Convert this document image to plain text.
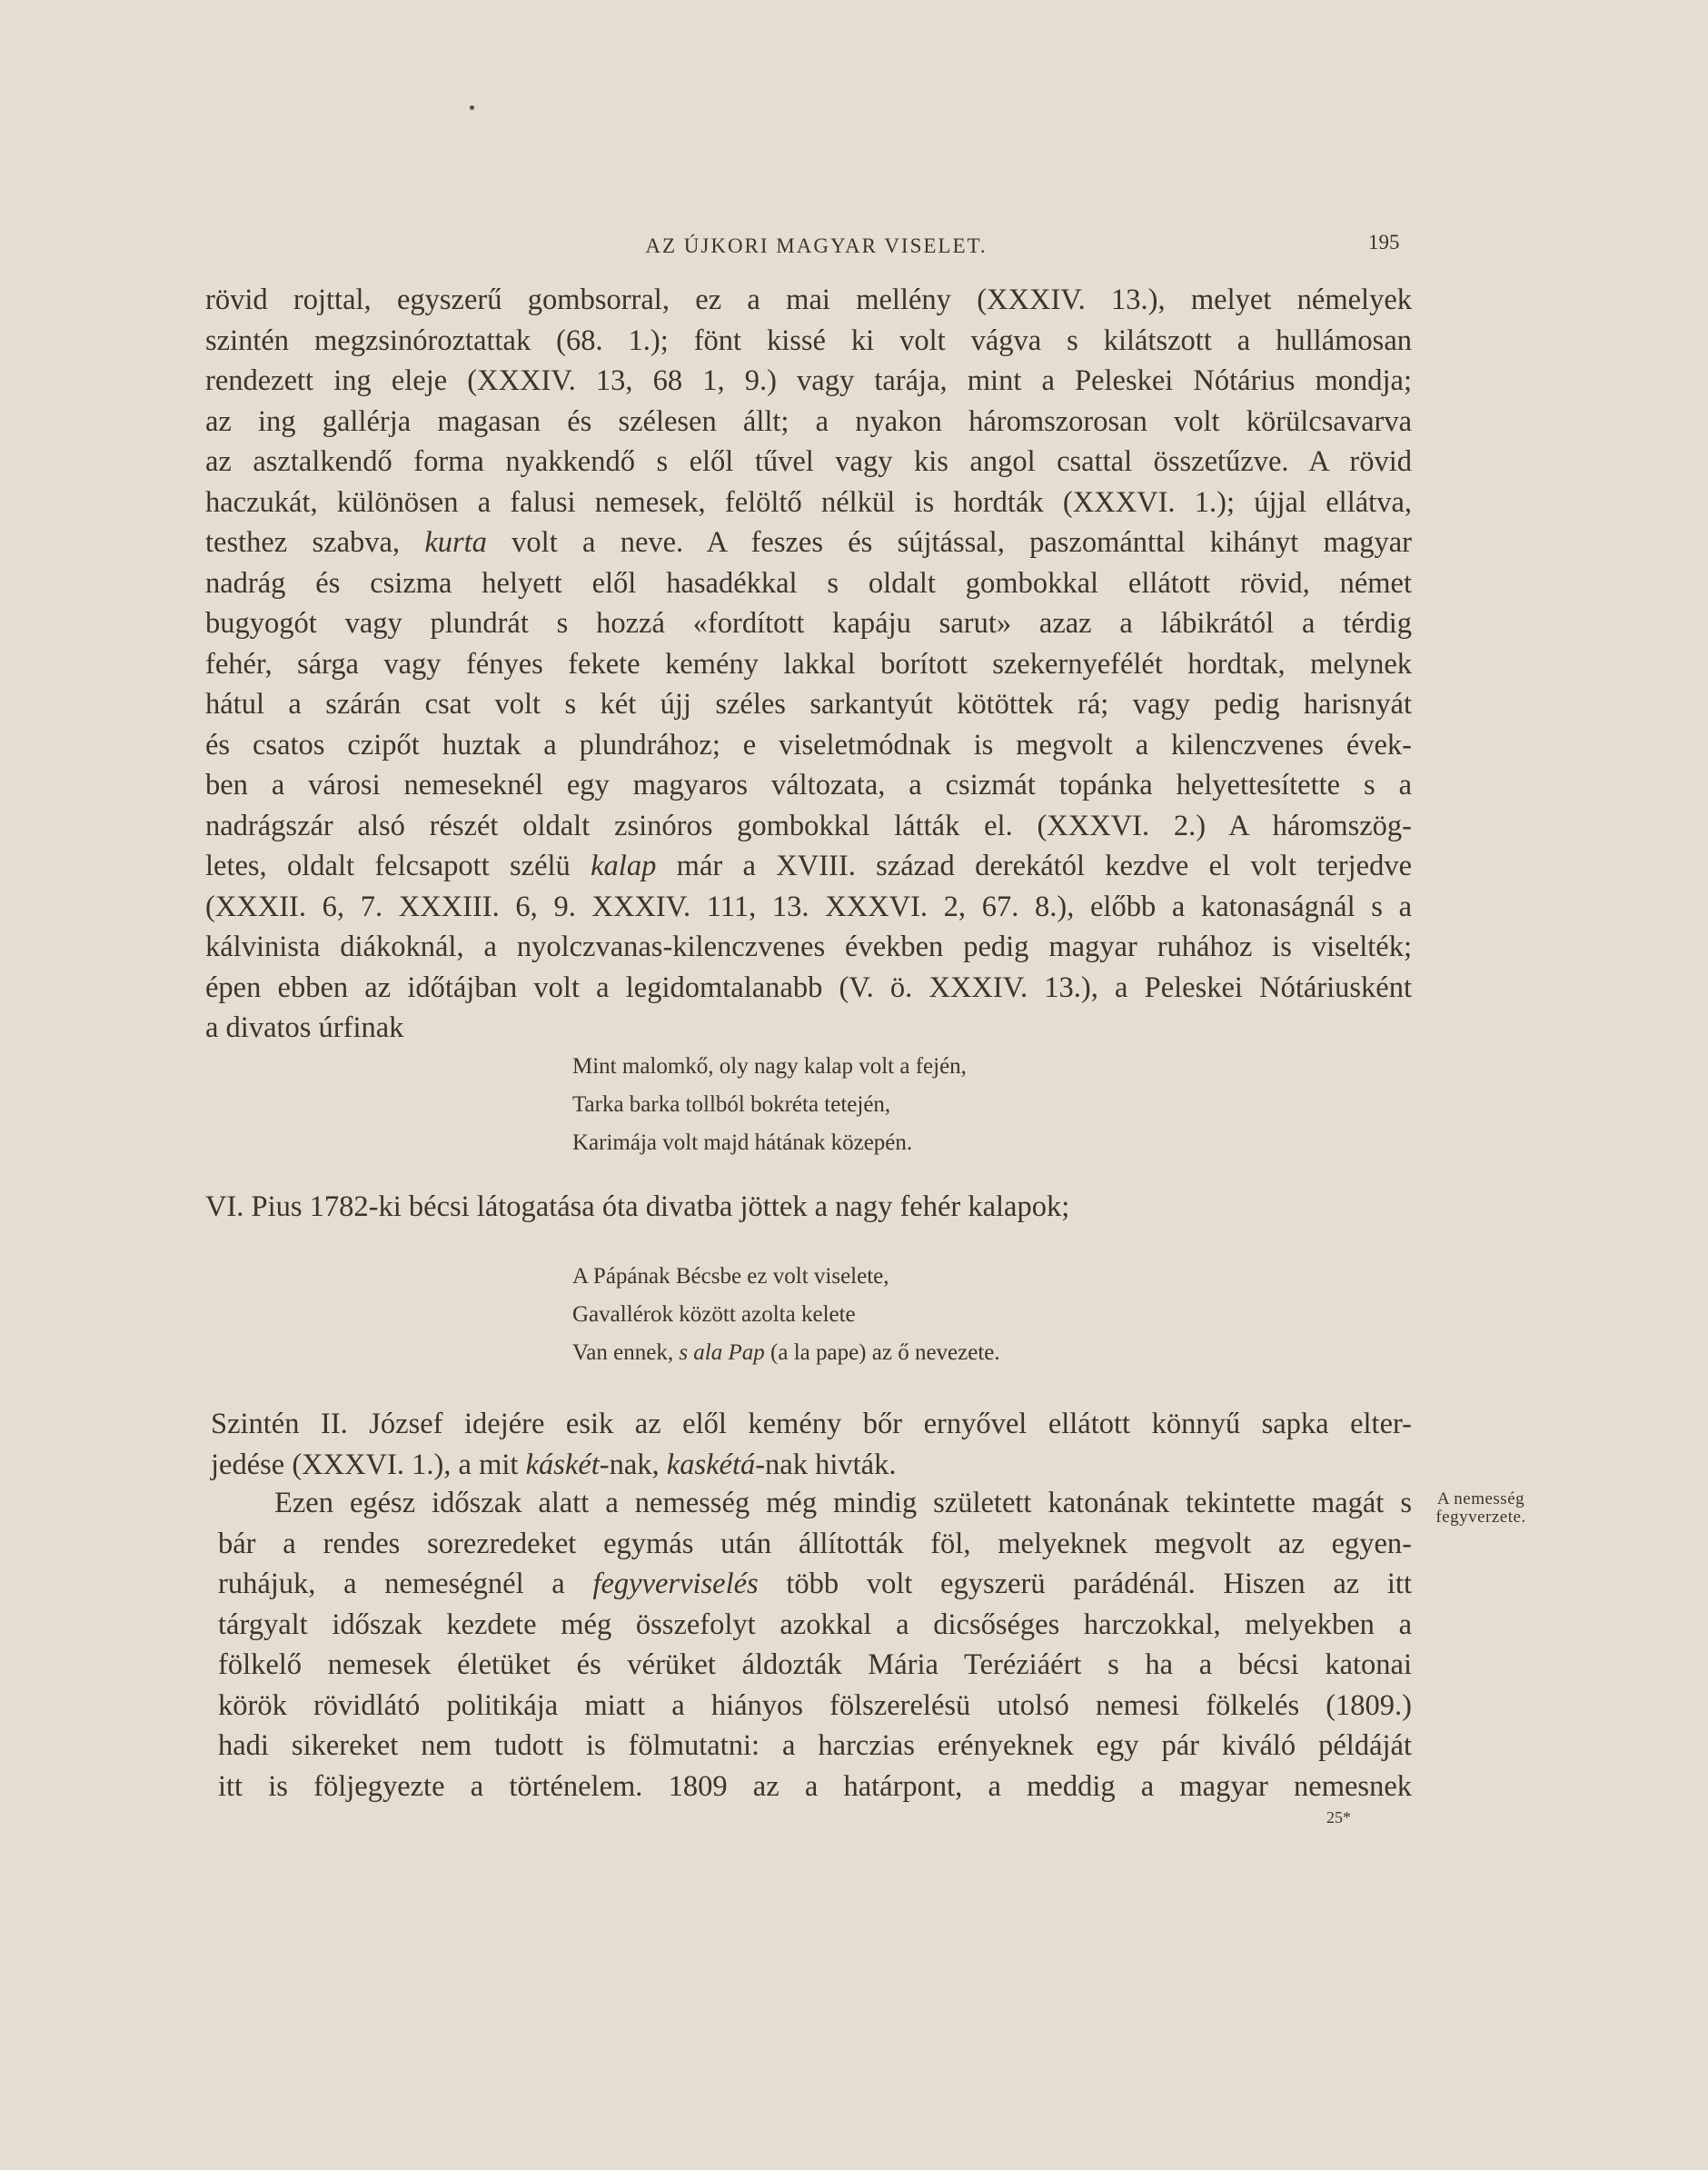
AZ ÚJKORI MAGYAR VISELET.	195
rövid rojttal, egyszerű gombsorral, ez a mai mellény (XXXIV. 13.), melyet némelyek
szintén megzsinóroztattak (68. 1.); fönt kissé ki volt vágva s kilátszott a hullámosan
rendezett ing eleje (XXXIV. 13, 68 1, 9.) vagy tarája, mint a Peleskei Nótárius mondja;
az ing gallérja magasan és szélesen állt; a nyakon háromszorosan volt körülcsavarva
az asztalkendő forma nyakkendő s elől tűvel vagy kis angol csattal összetűzve. A rövid
haczukát, különösen a falusi nemesek, felöltő nélkül is hordták (XXXVI. 1.); újjal ellátva,
testhez szabva, kurta volt a neve. A feszes és sújtással, paszománttal kihányt magyar
nadrág és csizma helyett elől hasadékkal s oldalt gombokkal ellátott rövid, német
bugyogót vagy plundrát s hozzá «fordított kapáju sarut» azaz a lábikrától a térdig
fehér, sárga vagy fényes fekete kemény lakkal borított szekernyefélét hordtak, melynek
hátul a szárán csat volt s két újj széles sarkantyút kötöttek rá; vagy pedig harisnyát
és csatos czipőt huztak a plundrához; e viseletmódnak is megvolt a kilenczvenes évek-
ben a városi nemeseknél egy magyaros változata, a csizmát topánka helyettesítette s a
nadrágszár alsó részét oldalt zsinóros gombokkal látták el. (XXXVI. 2.) A háromszög-
letes, oldalt felcsapott szélü kalap már a XVIII. század derekától kezdve el volt terjedve
(XXXII. 6, 7. XXXIII. 6, 9. XXXIV. 111, 13. XXXVI. 2, 67. 8.), előbb a katonaságnál s a
kálvinista diákoknál, a nyolczvanas-kilenczvenes években pedig magyar ruhához is viselték;
épen ebben az időtájban volt a legidomtalanabb (V. ö. XXXIV. 13.), a Peleskei Nótáriusként
a divatos úrfinak
Mint malomkő, oly nagy kalap volt a fején,
Tarka barka tollból bokréta tetején,
Karimája volt majd hátának közepén.
VI. Pius 1782-ki bécsi látogatása óta divatba jöttek a nagy fehér kalapok;
A Pápának Bécsbe ez volt viselete,
Gavallérok között azolta kelete
Van ennek, s ala Pap (a la pape) az ő nevezete.
Szintén II. József idejére esik az elől kemény bőr ernyővel ellátott könnyű sapka elter-
jedése (XXXVI. 1.), a mit káskét-nak, kaskétá-nak hivták.
Ezen egész időszak alatt a nemesség még mindig született katonának tekintette magát s
bár a rendes sorezredeket egymás után állították föl, melyeknek megvolt az egyen-
ruhájuk, a nemeségnél a fegyverviselés több volt egyszerü parádénál. Hiszen az itt
tárgyalt időszak kezdete még összefolyt azokkal a dicsőséges harczokkal, melyekben a
fölkelő nemesek életüket és vérüket áldozták Mária Teréziáért s ha a bécsi katonai
körök rövidlátó politikája miatt a hiányos fölszerelésü utolsó nemesi fölkelés (1809.)
hadi sikereket nem tudott is fölmutatni: a harczias erényeknek egy pár kiváló példáját
itt is följegyezte a történelem. 1809 az a határpont, a meddig a magyar nemesnek
A nemesség
fegyverzete.
25*
